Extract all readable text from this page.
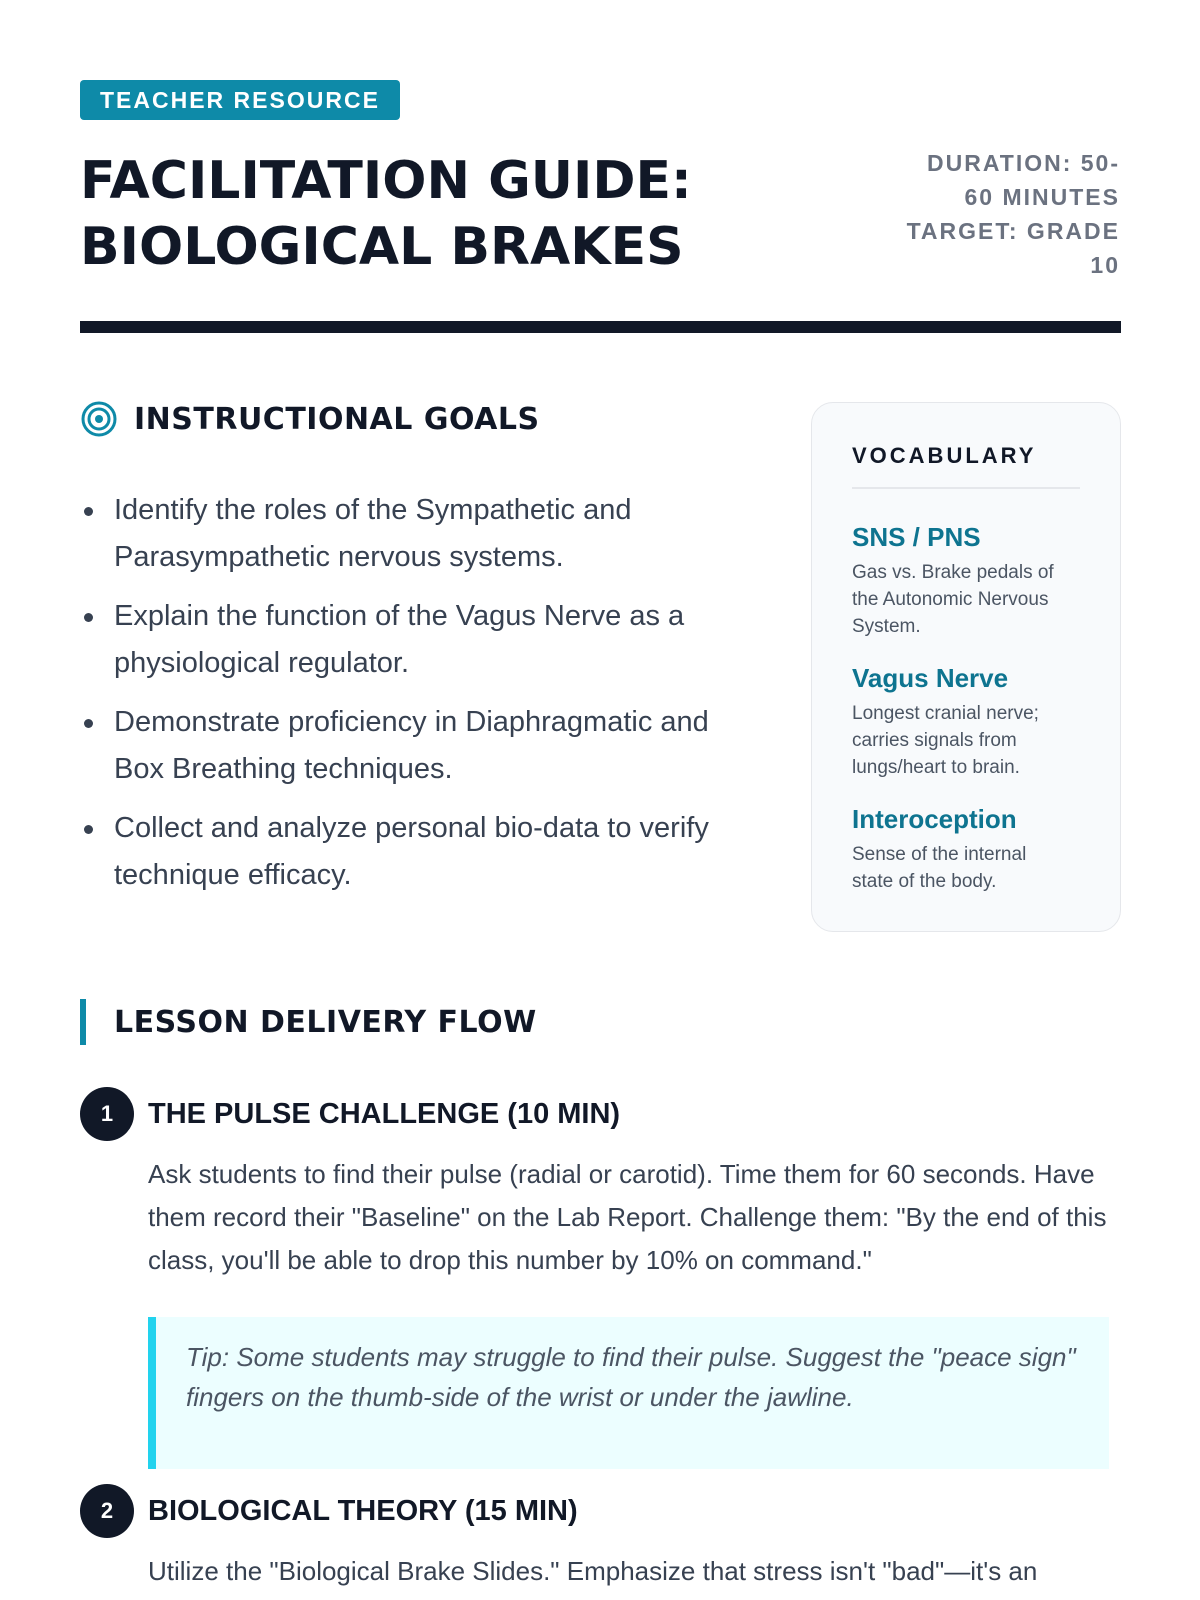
TEACHER RESOURCE
FACILITATION GUIDE:
BIOLOGICAL BRAKES
DURATION: 50-
60 MINUTES
TARGET: GRADE
10
INSTRUCTIONAL GOALS
Identify the roles of the Sympathetic and Parasympathetic nervous systems.
Explain the function of the Vagus Nerve as a physiological regulator.
Demonstrate proficiency in Diaphragmatic and Box Breathing techniques.
Collect and analyze personal bio-data to verify technique efficacy.
VOCABULARY
SNS / PNS
Gas vs. Brake pedals of the Autonomic Nervous System.
Vagus Nerve
Longest cranial nerve; carries signals from lungs/heart to brain.
Interoception
Sense of the internal state of the body.
LESSON DELIVERY FLOW
1	THE PULSE CHALLENGE (10 MIN)

Ask students to find their pulse (radial or carotid). Time them for 60 seconds. Have them record their "Baseline" on the Lab Report. Challenge them: "By the end of this class, you'll be able to drop this number by 10% on command."

Tip: Some students may struggle to find their pulse. Suggest the "peace sign" fingers on the thumb-side of the wrist or under the jawline.
2	BIOLOGICAL THEORY (15 MIN)

Utilize the "Biological Brake Slides." Emphasize that stress isn't "bad"—it's an
